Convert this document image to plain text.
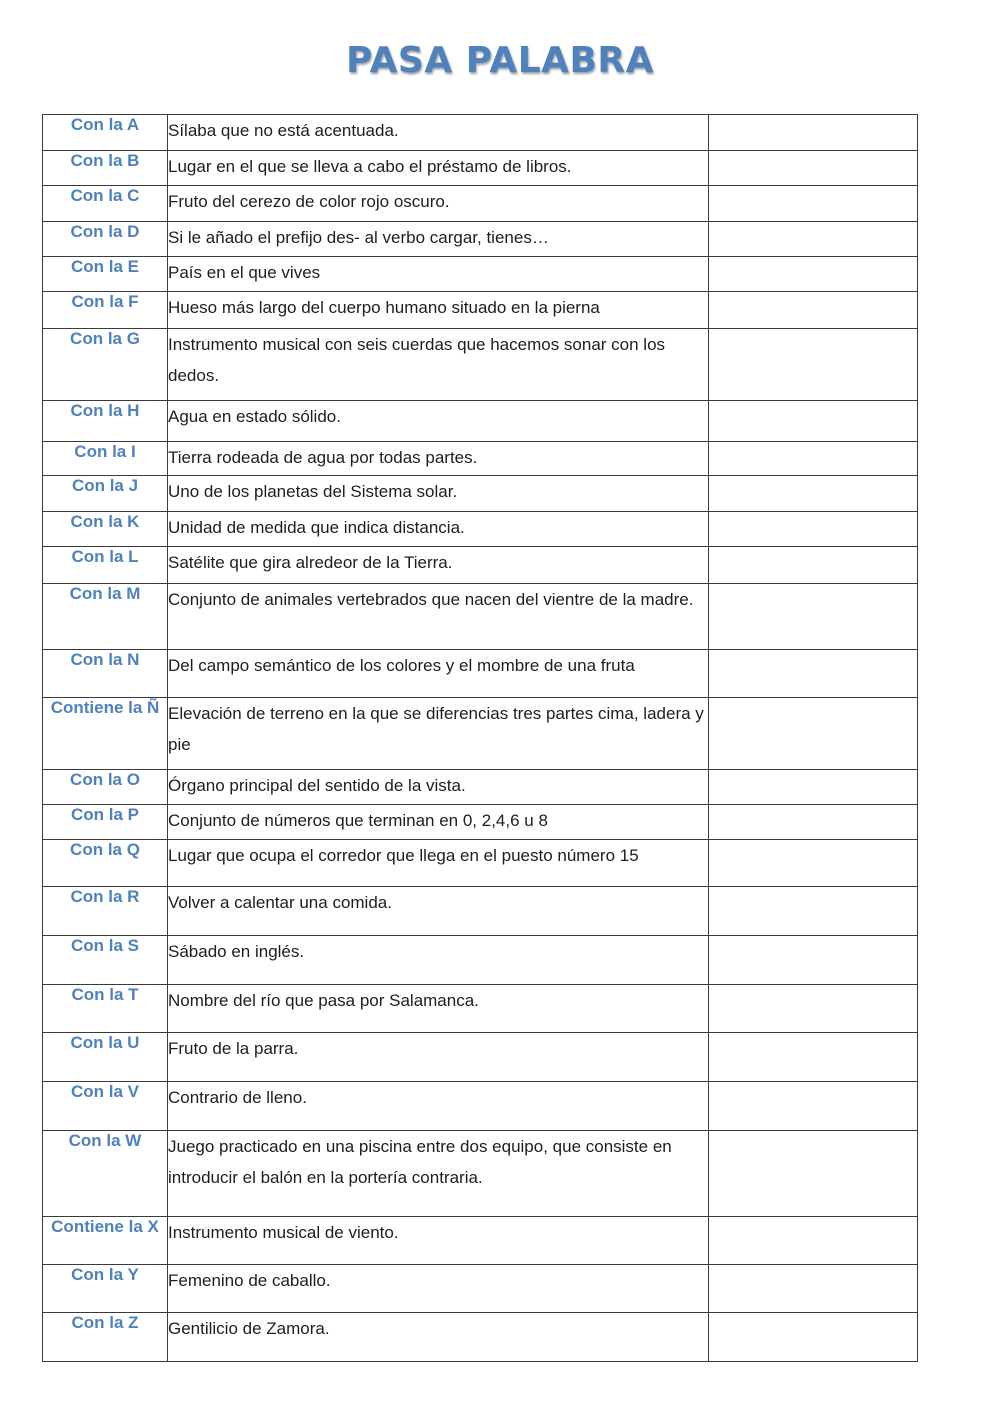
PASA PALABRA
Con la A	Sílaba que no está acentuada.	
Con la B	Lugar en el que se lleva a cabo el préstamo de libros.	
Con la C	Fruto del cerezo de color rojo oscuro.	
Con la D	Si le añado el prefijo des- al verbo cargar, tienes…	
Con la E	País en el que vives	
Con la F	Hueso más largo del cuerpo humano situado en la pierna	
Con la G	Instrumento musical con seis cuerdas que hacemos sonar con los dedos.	
Con la H	Agua en estado sólido.	
Con la I	Tierra rodeada de agua por todas partes.	
Con la J	Uno de los planetas del Sistema solar.	
Con la K	Unidad de medida que indica distancia.	
Con la L	Satélite que gira alredeor de la Tierra.	
Con la M	Conjunto de animales vertebrados que nacen del vientre de la madre.	
Con la N	Del campo semántico de los colores y el mombre de una fruta	
Contiene la Ñ	Elevación de terreno en la que se diferencias tres partes cima, ladera y pie	
Con la O	Órgano principal del sentido de la vista.	
Con la P	Conjunto de números que terminan en 0, 2,4,6 u 8	
Con la Q	Lugar que ocupa el corredor que llega en el puesto número 15	
Con la R	Volver a calentar una comida.	
Con la S	Sábado en inglés.	
Con la T	Nombre del río que pasa por Salamanca.	
Con la U	Fruto de la parra.	
Con la V	Contrario de lleno.	
Con la W	Juego practicado en una piscina entre dos equipo, que consiste en introducir el balón en la portería contraria.	
Contiene la X	Instrumento musical de viento.	
Con la Y	Femenino de caballo.	
Con la Z	Gentilicio de Zamora.	
